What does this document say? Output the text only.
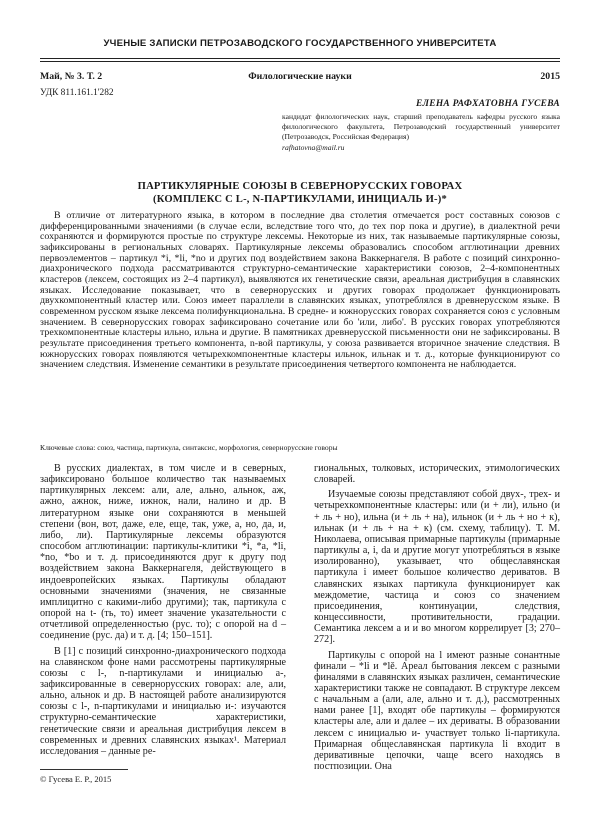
УЧЕНЫЕ ЗАПИСКИ ПЕТРОЗАВОДСКОГО ГОСУДАРСТВЕННОГО УНИВЕРСИТЕТА
Май, № 3. Т. 2	Филологические науки	2015
УДК 811.161.1'282
ЕЛЕНА РАФХАТОВНА ГУСЕВА
кандидат филологических наук, старший преподаватель кафедры русского языка филологического факультета, Петрозаводский государственный университет (Петрозаводск, Российская Федерация)
rafhatovna@mail.ru
ПАРТИКУЛЯРНЫЕ СОЮЗЫ В СЕВЕРНОРУССКИХ ГОВОРАХ
(КОМПЛЕКС С L-, N-ПАРТИКУЛАМИ, ИНИЦИАЛЬ И-)*
В отличие от литературного языка, в котором в последние два столетия отмечается рост составных союзов с дифференцированными значениями (в случае если, вследствие того что, до тех пор пока и другие), в диалектной речи сохраняются и формируются простые по структуре лексемы. Некоторые из них, так называемые партикулярные союзы, зафиксированы в региональных словарях. Партикулярные лексемы образовались способом агглютинации древних первоэлементов – партикул *i, *li, *no и других под воздействием закона Ваккернагеля. В работе с позиций синхронно-диахронического подхода рассматриваются структурно-семантические характеристики союзов, 2–4-компонентных кластеров (лексем, состоящих из 2–4 партикул), выявляются их генетические связи, ареальная дистрибуция в славянских языках. Исследование показывает, что в севернорусских и других говорах продолжает функционировать двухкомпонентный кластер или. Союз имеет параллели в славянских языках, употреблялся в древнерусском языке. В современном русском языке лексема полифункциональна. В средне- и южнорусских говорах сохраняется союз с условным значением. В севернорусских говорах зафиксировано сочетание или бо 'или, либо'. В русских говорах употребляются трехкомпонентные кластеры ильно, ильна и другие. В памятниках древнерусской письменности они не зафиксированы. В результате присоединения третьего компонента, n-вой партикулы, у союза развивается вторичное значение следствия. В южнорусских говорах появляются четырехкомпонентные кластеры ильнок, ильнак и т. д., которые функционируют со значением следствия. Изменение семантики в результате присоединения четвертого компонента не наблюдается.
Ключевые слова: союз, частица, партикула, синтаксис, морфология, севернорусские говоры

В русских диалектах, в том числе и в северных, зафиксировано большое количество так называемых партикулярных лексем: али, але, ально, альнок, аж, ажно, ажнок, ниже, ижнок, нали, налино и др. В литературном языке они сохраняются в меньшей степени (вон, вот, даже, еле, еще, так, уже, а, но, да, и, либо, ли). Партикулярные лексемы образуются способом агглютинации: партикулы-клитики *i, *a, *li, *no, *bo и т. д. присоединяются друг к другу под воздействием закона Ваккернагеля, действующего в индоевропейских языках. Партикулы обладают основными значениями (значения, не связанные имплицитно с какими-либо другими); так, партикула с опорой на t- (ть, то) имеет значение указательности с отчетливой определенностью (рус. то); с опорой на d – соединение (рус. да) и т. д. [4; 150–151].

В [1] с позиций синхронно-диахронического подхода на славянском фоне нами рассмотрены партикулярные союзы с l-, n-партикулами и инициалью a-, зафиксированные в севернорусских говорах: але, али, ально, альнок и др. В настоящей работе анализируются союзы с l-, n-партикулами и инициалью и-: изучаются структурно-семантические характеристики, генетические связи и ареальная дистрибуция лексем в современных и древних славянских языках¹. Материал исследования – данные ре-

гиональных, толковых, исторических, этимологических словарей.

Изучаемые союзы представляют собой двух-, трех- и четырехкомпонентные кластеры: или (и + ли), ильно (и + ль + но), ильна (и + ль + на), ильнок (и + ль + но + к), ильнак (и + ль + на + к) (см. схему, таблицу). Т. М. Николаева, описывая примарные партикулы (примарные партикулы a, i, da и другие могут употребляться в языке изолированно), указывает, что общеславянская партикула i имеет большое количество дериватов. В славянских языках партикула функционирует как междометие, частица и союз со значением присоединения, континуации, следствия, концессивности, противительности, градации. Семантика лексем a и и во многом коррелирует [3; 270–272].

Партикулы с опорой на l имеют разные сонантные финали – *li и *lě. Ареал бытования лексем с разными финалями в славянских языках различен, семантические характеристики также не совпадают. В структуре лексем с начальным а (али, але, ально и т. д.), рассмотренных нами ранее [1], входят обе партикулы – формируются кластеры але, али и далее – их дериваты. В образовании лексем с инициалью и- участвует только li-партикула. Примарная общеславянская партикула li входит в деривативные цепочки, чаще всего находясь в постпозиции. Она

© Гусева Е. Р., 2015
